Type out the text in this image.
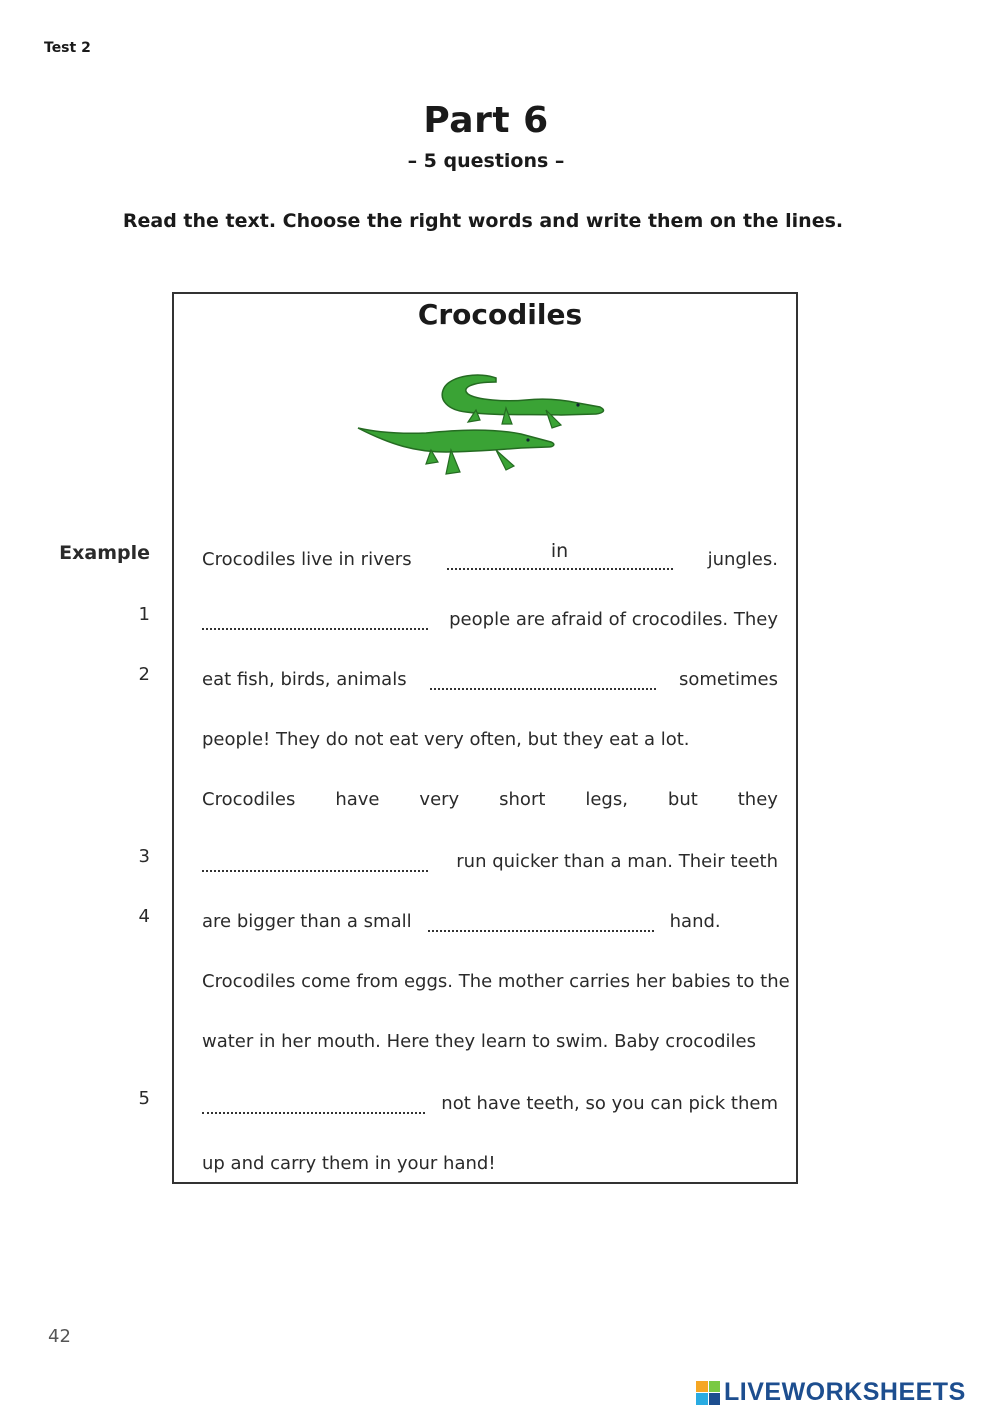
Test 2
Part 6
– 5 questions –
Read the text. Choose the right words and write them on the lines.
Crocodiles
Example	Crocodiles live in rivers	in	jungles.
1	people are afraid of crocodiles. They
2	eat fish, birds, animals	sometimes
people! They do not eat very often, but they eat a lot.
Crocodiles have very short legs, but they
3	run quicker than a man. Their teeth
4	are bigger than a small	hand.
Crocodiles come from eggs. The mother carries her babies to the
water in her mouth. Here they learn to swim. Baby crocodiles
5	not have teeth, so you can pick them
up and carry them in your hand!
42
LIVEWORKSHEETS
